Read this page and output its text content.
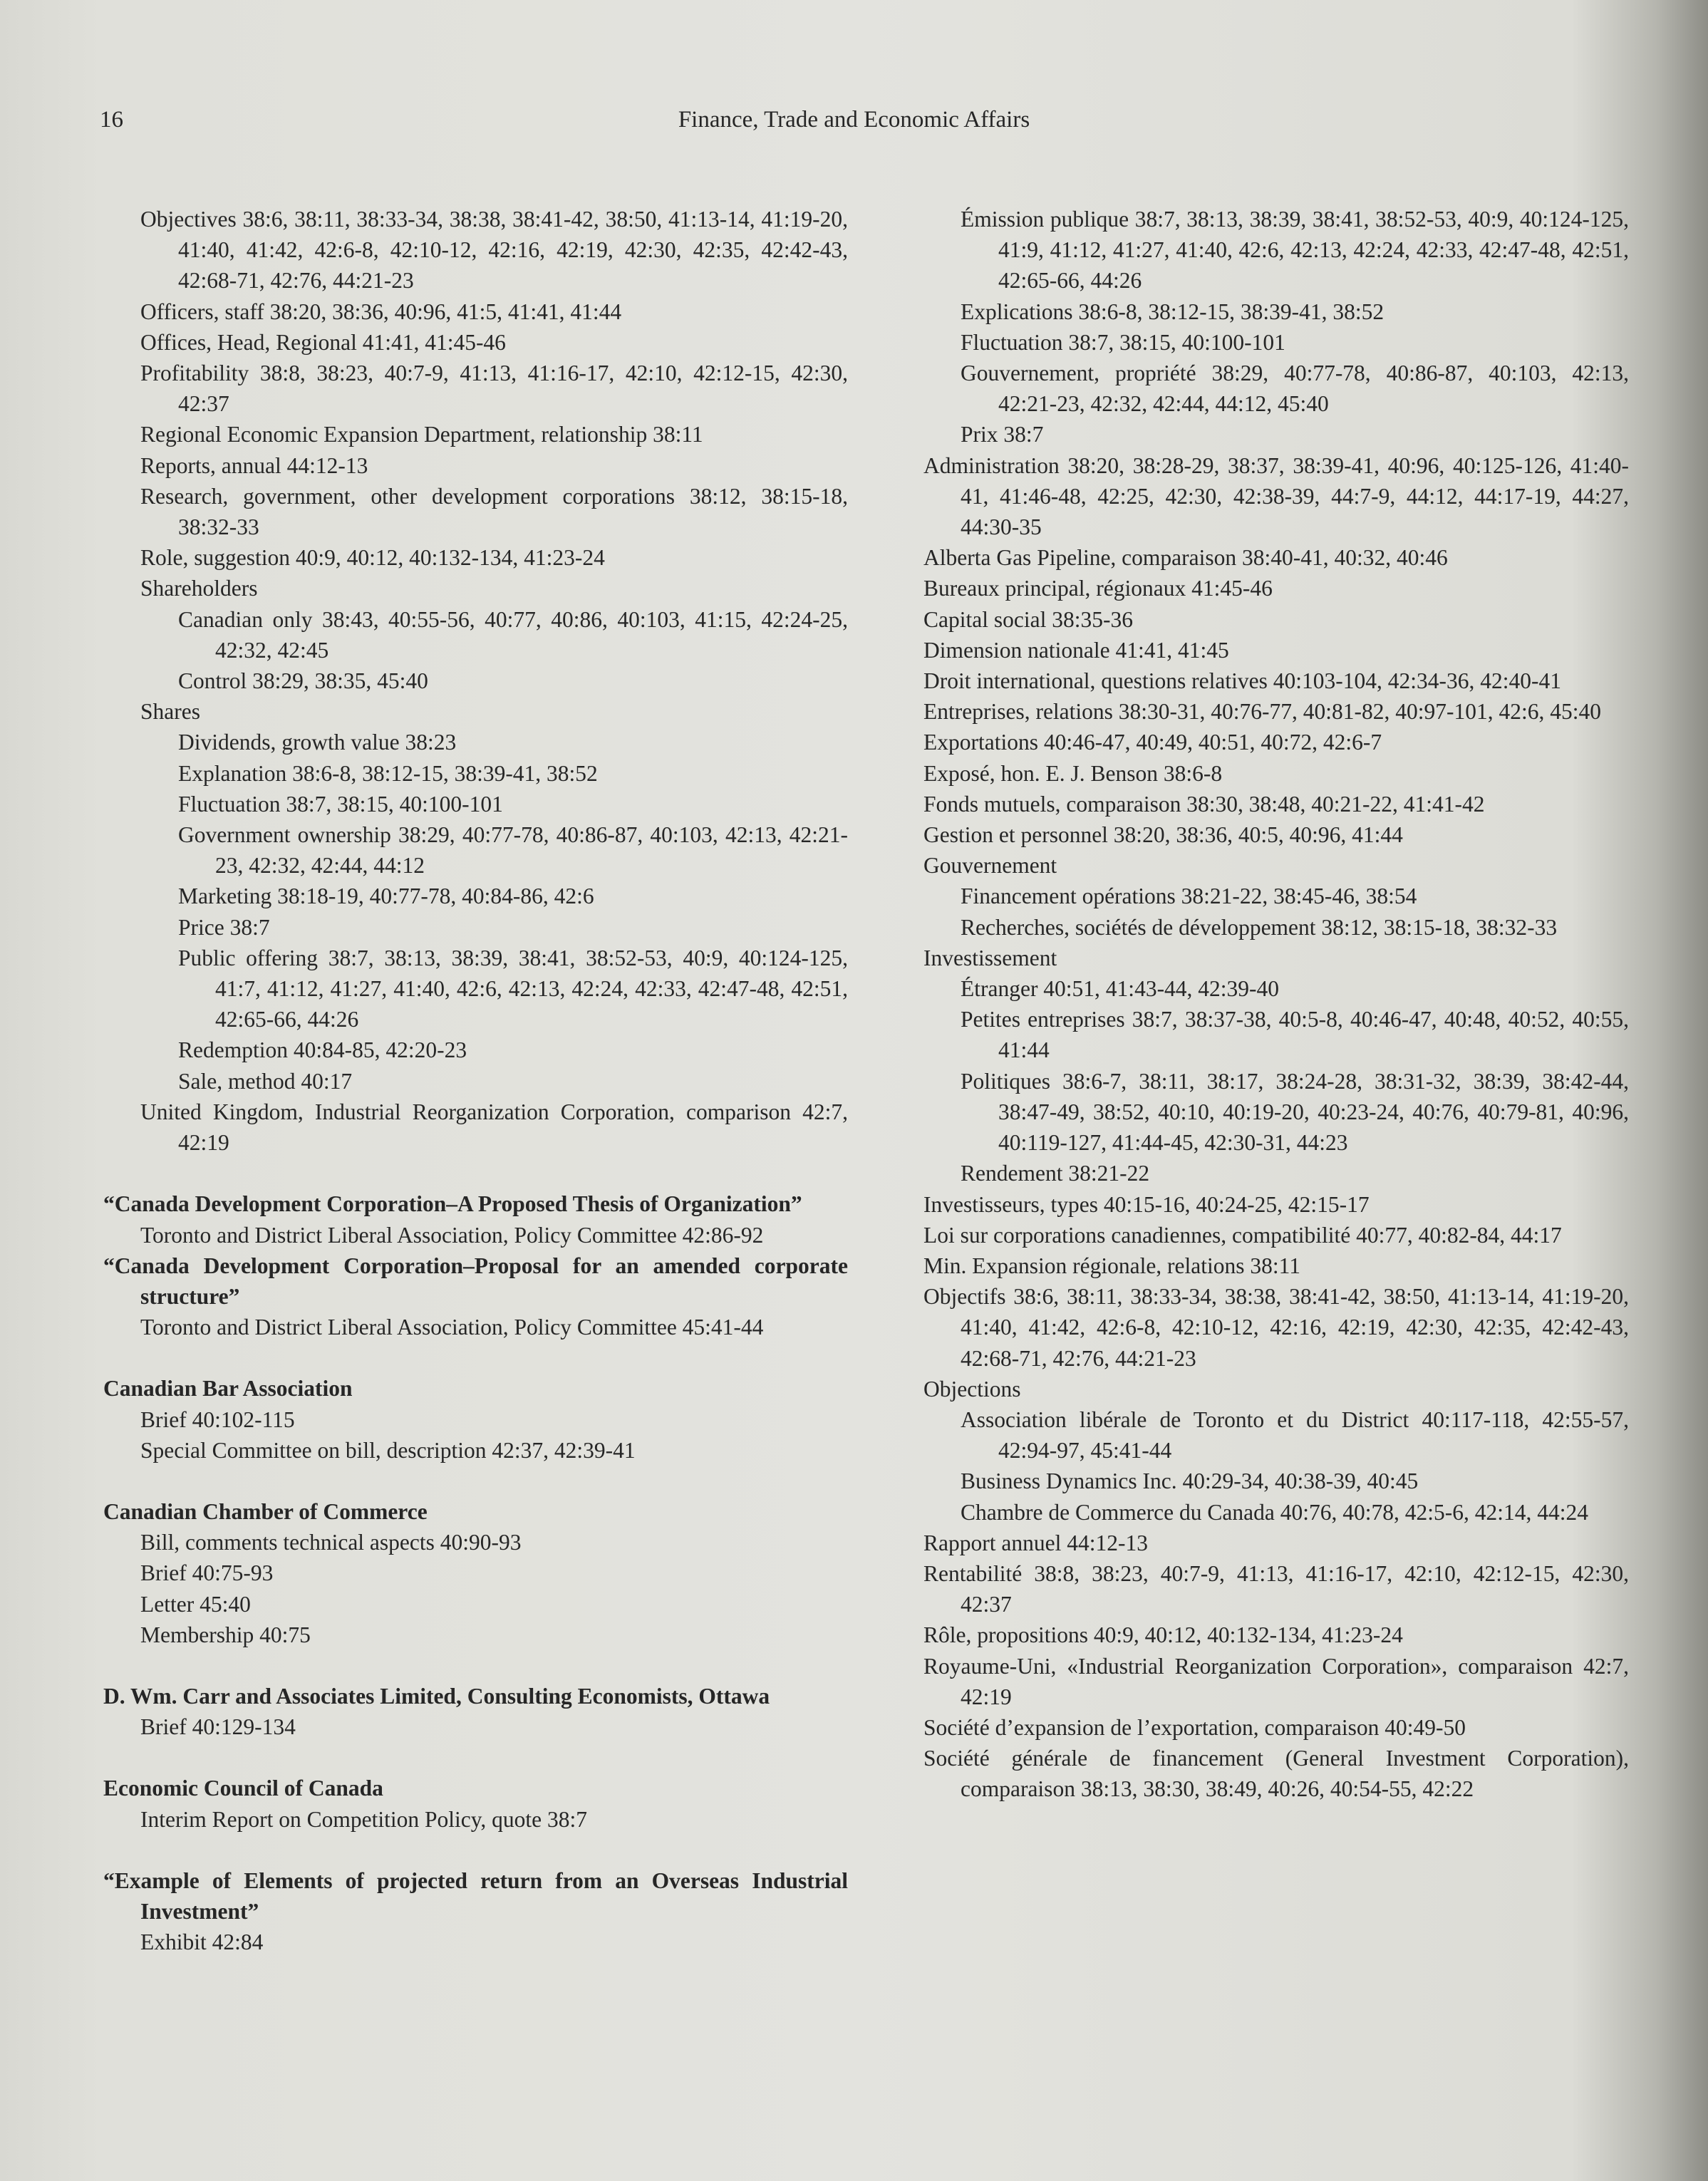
16	Finance, Trade and Economic Affairs

Objectives 38:6, 38:11, 38:33-34, 38:38, 38:41-42, 38:50, 41:13-14, 41:19-20, 41:40, 41:42, 42:6-8, 42:10-12, 42:16, 42:19, 42:30, 42:35, 42:42-43, 42:68-71, 42:76, 44:21-23

Officers, staff 38:20, 38:36, 40:96, 41:5, 41:41, 41:44

Offices, Head, Regional 41:41, 41:45-46

Profitability 38:8, 38:23, 40:7-9, 41:13, 41:16-17, 42:10, 42:12-15, 42:30, 42:37

Regional Economic Expansion Department, relationship 38:11

Reports, annual 44:12-13

Research, government, other development corporations 38:12, 38:15-18, 38:32-33

Role, suggestion 40:9, 40:12, 40:132-134, 41:23-24

Shareholders

Canadian only 38:43, 40:55-56, 40:77, 40:86, 40:103, 41:15, 42:24-25, 42:32, 42:45

Control 38:29, 38:35, 45:40

Shares

Dividends, growth value 38:23

Explanation 38:6-8, 38:12-15, 38:39-41, 38:52

Fluctuation 38:7, 38:15, 40:100-101

Government ownership 38:29, 40:77-78, 40:86-87, 40:103, 42:13, 42:21-23, 42:32, 42:44, 44:12

Marketing 38:18-19, 40:77-78, 40:84-86, 42:6

Price 38:7

Public offering 38:7, 38:13, 38:39, 38:41, 38:52-53, 40:9, 40:124-125, 41:7, 41:12, 41:27, 41:40, 42:6, 42:13, 42:24, 42:33, 42:47-48, 42:51, 42:65-66, 44:26

Redemption 40:84-85, 42:20-23

Sale, method 40:17

United Kingdom, Industrial Reorganization Corporation, comparison 42:7, 42:19

“Canada Development Corporation–A Proposed Thesis of Organization”

Toronto and District Liberal Association, Policy Committee 42:86-92

“Canada Development Corporation–Proposal for an amended corporate structure”

Toronto and District Liberal Association, Policy Committee 45:41-44

Canadian Bar Association

Brief 40:102-115

Special Committee on bill, description 42:37, 42:39-41

Canadian Chamber of Commerce

Bill, comments technical aspects 40:90-93

Brief 40:75-93

Letter 45:40

Membership 40:75

D. Wm. Carr and Associates Limited, Consulting Economists, Ottawa

Brief 40:129-134

Economic Council of Canada

Interim Report on Competition Policy, quote 38:7

“Example of Elements of projected return from an Overseas Industrial Investment”

Exhibit 42:84

Émission publique 38:7, 38:13, 38:39, 38:41, 38:52-53, 40:9, 40:124-125, 41:9, 41:12, 41:27, 41:40, 42:6, 42:13, 42:24, 42:33, 42:47-48, 42:51, 42:65-66, 44:26

Explications 38:6-8, 38:12-15, 38:39-41, 38:52

Fluctuation 38:7, 38:15, 40:100-101

Gouvernement, propriété 38:29, 40:77-78, 40:86-87, 40:103, 42:13, 42:21-23, 42:32, 42:44, 44:12, 45:40

Prix 38:7

Administration 38:20, 38:28-29, 38:37, 38:39-41, 40:96, 40:125-126, 41:40-41, 41:46-48, 42:25, 42:30, 42:38-39, 44:7-9, 44:12, 44:17-19, 44:27, 44:30-35

Alberta Gas Pipeline, comparaison 38:40-41, 40:32, 40:46

Bureaux principal, régionaux 41:45-46

Capital social 38:35-36

Dimension nationale 41:41, 41:45

Droit international, questions relatives 40:103-104, 42:34-36, 42:40-41

Entreprises, relations 38:30-31, 40:76-77, 40:81-82, 40:97-101, 42:6, 45:40

Exportations 40:46-47, 40:49, 40:51, 40:72, 42:6-7

Exposé, hon. E. J. Benson 38:6-8

Fonds mutuels, comparaison 38:30, 38:48, 40:21-22, 41:41-42

Gestion et personnel 38:20, 38:36, 40:5, 40:96, 41:44

Gouvernement

Financement opérations 38:21-22, 38:45-46, 38:54

Recherches, sociétés de développement 38:12, 38:15-18, 38:32-33

Investissement

Étranger 40:51, 41:43-44, 42:39-40

Petites entreprises 38:7, 38:37-38, 40:5-8, 40:46-47, 40:48, 40:52, 40:55, 41:44

Politiques 38:6-7, 38:11, 38:17, 38:24-28, 38:31-32, 38:39, 38:42-44, 38:47-49, 38:52, 40:10, 40:19-20, 40:23-24, 40:76, 40:79-81, 40:96, 40:119-127, 41:44-45, 42:30-31, 44:23

Rendement 38:21-22

Investisseurs, types 40:15-16, 40:24-25, 42:15-17

Loi sur corporations canadiennes, compatibilité 40:77, 40:82-84, 44:17

Min. Expansion régionale, relations 38:11

Objectifs 38:6, 38:11, 38:33-34, 38:38, 38:41-42, 38:50, 41:13-14, 41:19-20, 41:40, 41:42, 42:6-8, 42:10-12, 42:16, 42:19, 42:30, 42:35, 42:42-43, 42:68-71, 42:76, 44:21-23

Objections

Association libérale de Toronto et du District 40:117-118, 42:55-57, 42:94-97, 45:41-44

Business Dynamics Inc. 40:29-34, 40:38-39, 40:45

Chambre de Commerce du Canada 40:76, 40:78, 42:5-6, 42:14, 44:24

Rapport annuel 44:12-13

Rentabilité 38:8, 38:23, 40:7-9, 41:13, 41:16-17, 42:10, 42:12-15, 42:30, 42:37

Rôle, propositions 40:9, 40:12, 40:132-134, 41:23-24

Royaume-Uni, «Industrial Reorganization Corporation», comparaison 42:7, 42:19

Société d’expansion de l’exportation, comparaison 40:49-50

Société générale de financement (General Investment Corporation), comparaison 38:13, 38:30, 38:49, 40:26, 40:54-55, 42:22
